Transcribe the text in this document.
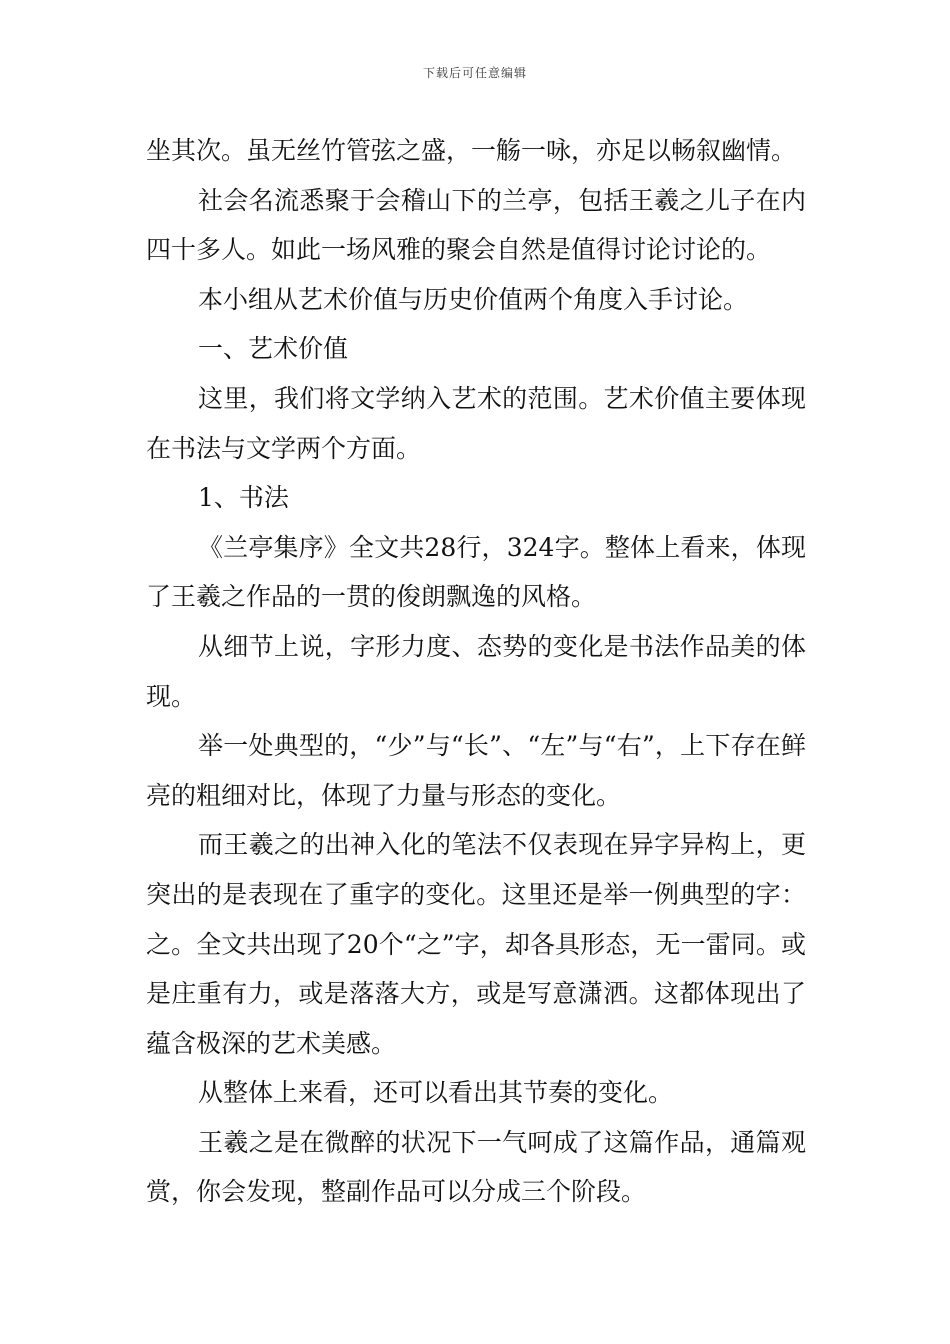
下载后可任意编辑

坐其次。虽无丝竹管弦之盛，一觞一咏，亦足以畅叙幽情。

社会名流悉聚于会稽山下的兰亭，包括王羲之儿子在内四十多人。如此一场风雅的聚会自然是值得讨论讨论的。

本小组从艺术价值与历史价值两个角度入手讨论。

一、艺术价值

这里，我们将文学纳入艺术的范围。艺术价值主要体现在书法与文学两个方面。

1、书法

《兰亭集序》全文共28行，324字。整体上看来，体现了王羲之作品的一贯的俊朗飘逸的风格。

从细节上说，字形力度、态势的变化是书法作品美的体现。

举一处典型的，“少”与“长”、“左”与“右”，上下存在鲜亮的粗细对比，体现了力量与形态的变化。

而王羲之的出神入化的笔法不仅表现在异字异构上，更突出的是表现在了重字的变化。这里还是举一例典型的字：之。全文共出现了20个“之”字，却各具形态，无一雷同。或是庄重有力，或是落落大方，或是写意潇洒。这都体现出了蕴含极深的艺术美感。

从整体上来看，还可以看出其节奏的变化。

王羲之是在微醉的状况下一气呵成了这篇作品，通篇观赏，你会发现，整副作品可以分成三个阶段。
